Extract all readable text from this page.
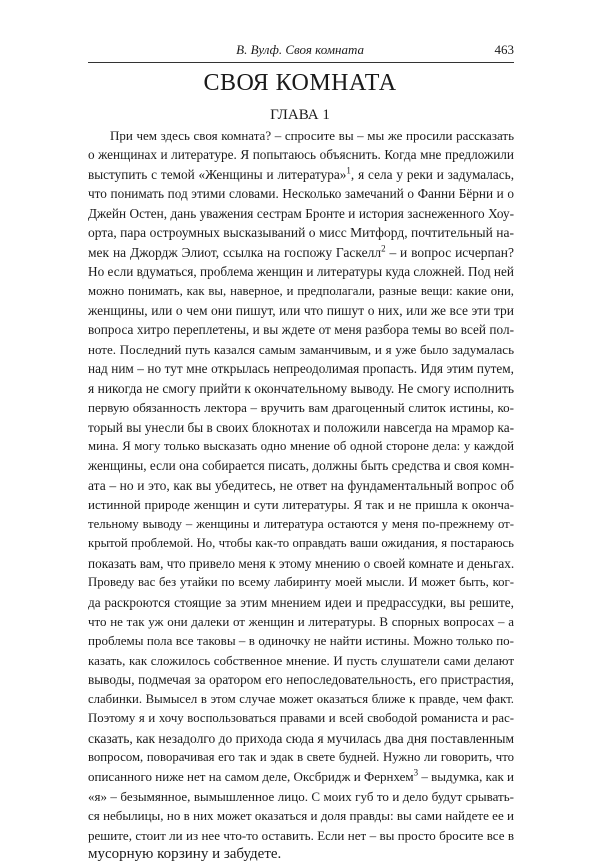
В. Вулф. Своя комната	463
СВОЯ КОМНАТА
ГЛАВА 1
При чем здесь своя комната? – спросите вы – мы же просили рассказать
о женщинах и литературе. Я попытаюсь объяснить. Когда мне предложили
выступить с темой «Женщины и литература»$^1$, я села у реки и задумалась,
что понимать под этими словами. Несколько замечаний о Фанни Бёрни и о
Джейн Остен, дань уважения сестрам Бронте и история заснеженного Хоу-
орта, пара остроумных высказываний о мисс Митфорд, почтительный на-
мек на Джордж Элиот, ссылка на госпожу Гаскелл$^2$ – и вопрос исчерпан?
Но если вдуматься, проблема женщин и литературы куда сложней. Под ней
можно понимать, как вы, наверное, и предполагали, разные вещи: какие они,
женщины, или о чем они пишут, или что пишут о них, или же все эти три
вопроса хитро переплетены, и вы ждете от меня разбора темы во всей пол-
ноте. Последний путь казался самым заманчивым, и я уже было задумалась
над ним – но тут мне открылась непреодолимая пропасть. Идя этим путем,
я никогда не смогу прийти к окончательному выводу. Не смогу исполнить
первую обязанность лектора – вручить вам драгоценный слиток истины, ко-
торый вы унесли бы в своих блокнотах и положили навсегда на мрамор ка-
мина. Я могу только высказать одно мнение об одной стороне дела: у каждой
женщины, если она собирается писать, должны быть средства и своя комн-
ата – но и это, как вы убедитесь, не ответ на фундаментальный вопрос об
истинной природе женщин и сути литературы. Я так и не пришла к оконча-
тельному выводу – женщины и литература остаются у меня по-прежнему от-
крытой проблемой. Но, чтобы как-то оправдать ваши ожидания, я постараюсь
показать вам, что привело меня к этому мнению о своей комнате и деньгах.
Проведу вас без утайки по всему лабиринту моей мысли. И может быть, ког-
да раскроются стоящие за этим мнением идеи и предрассудки, вы решите,
что не так уж они далеки от женщин и литературы. В спорных вопросах – а
проблемы пола все таковы – в одиночку не найти истины. Можно только по-
казать, как сложилось собственное мнение. И пусть слушатели сами делают
выводы, подмечая за оратором его непоследовательность, его пристрастия,
слабинки. Вымысел в этом случае может оказаться ближе к правде, чем факт.
Поэтому я и хочу воспользоваться правами и всей свободой романиста и рас-
сказать, как незадолго до прихода сюда я мучилась два дня поставленным
вопросом, поворачивая его так и эдак в свете будней. Нужно ли говорить, что
описанного ниже нет на самом деле, Оксбридж и Фернхем$^3$ – выдумка, как и
«я» – безымянное, вымышленное лицо. С моих губ то и дело будут срывать-
ся небылицы, но в них может оказаться и доля правды: вы сами найдете ее и
решите, стоит ли из нее что-то оставить. Если нет – вы просто бросите все в
мусорную корзину и забудете.
